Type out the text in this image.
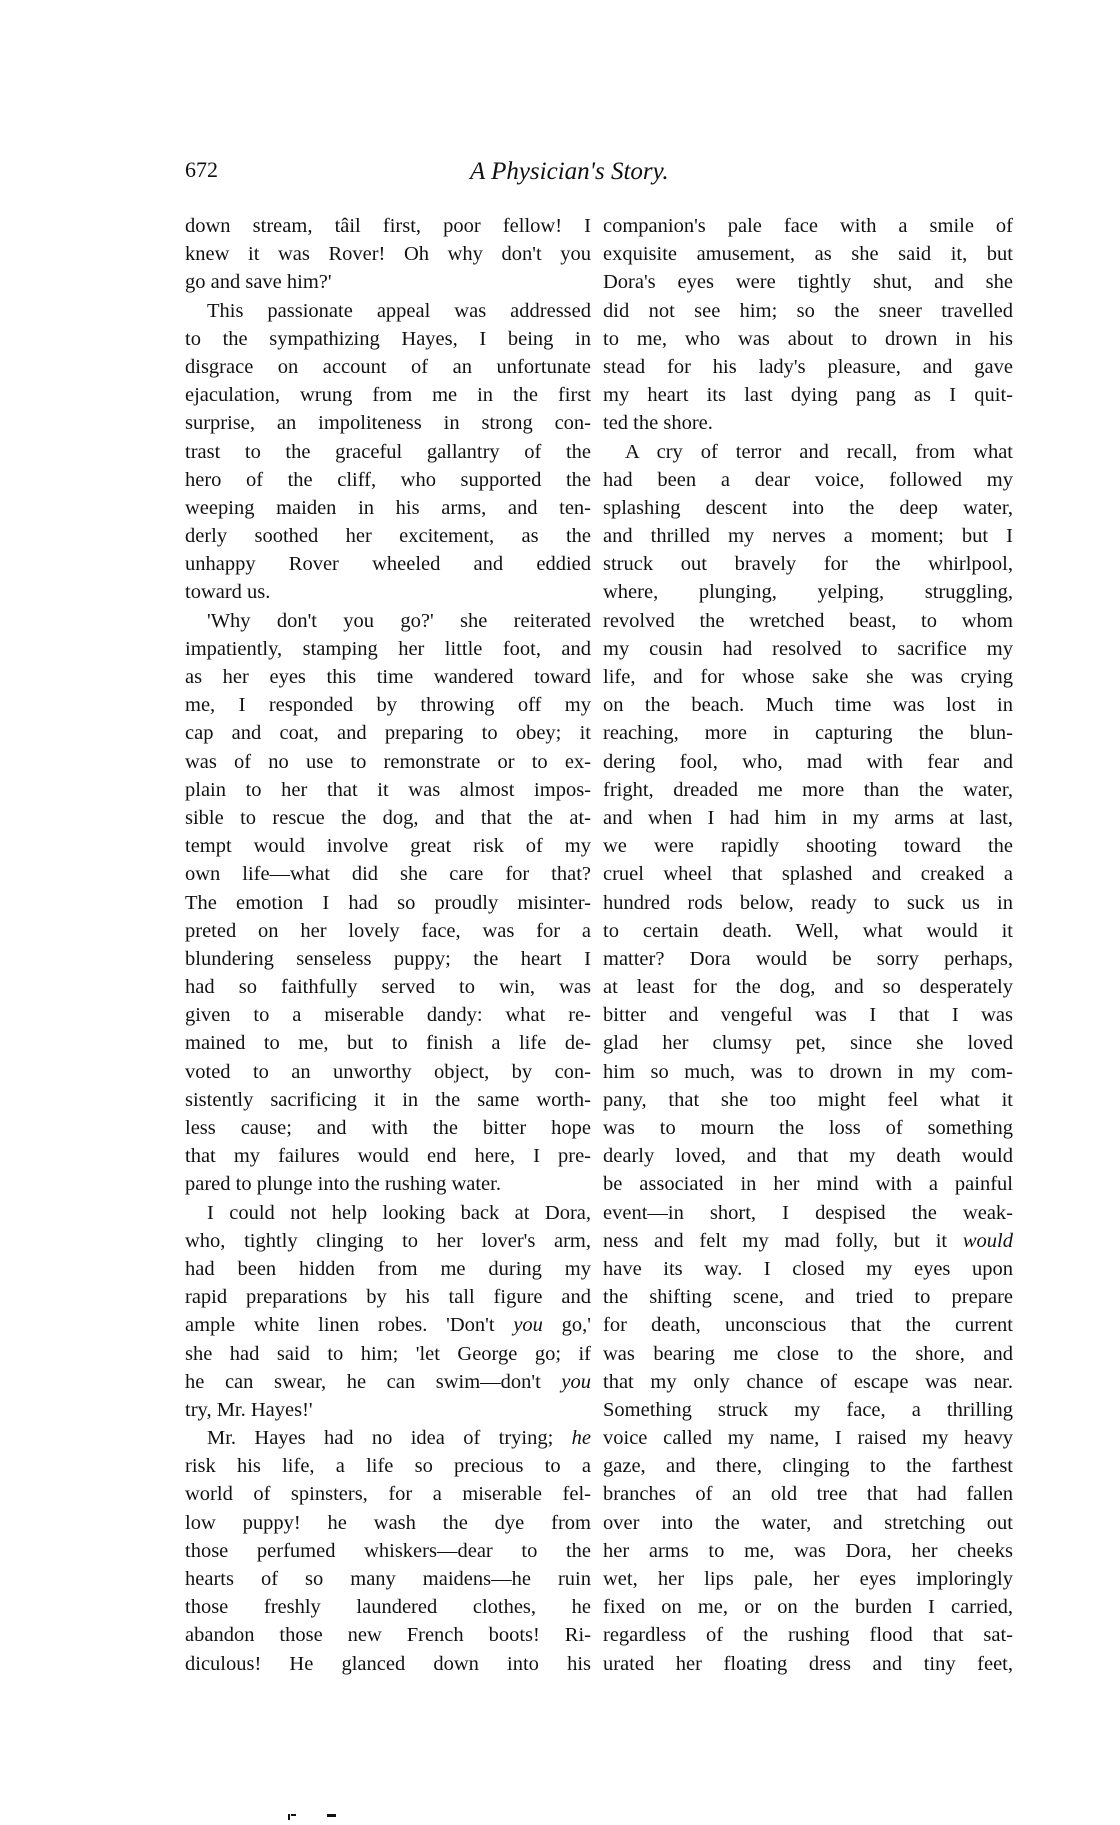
672	A Physician's Story.
down stream, tâil first, poor fellow! I
knew it was Rover! Oh why don't you
go and save him?'
This passionate appeal was addressed
to the sympathizing Hayes, I being in
disgrace on account of an unfortunate
ejaculation, wrung from me in the first
surprise, an impoliteness in strong con-
trast to the graceful gallantry of the
hero of the cliff, who supported the
weeping maiden in his arms, and ten-
derly soothed her excitement, as the
unhappy Rover wheeled and eddied
toward us.
'Why don't you go?' she reiterated
impatiently, stamping her little foot, and
as her eyes this time wandered toward
me, I responded by throwing off my
cap and coat, and preparing to obey; it
was of no use to remonstrate or to ex-
plain to her that it was almost impos-
sible to rescue the dog, and that the at-
tempt would involve great risk of my
own life—what did she care for that?
The emotion I had so proudly misinter-
preted on her lovely face, was for a
blundering senseless puppy; the heart I
had so faithfully served to win, was
given to a miserable dandy: what re-
mained to me, but to finish a life de-
voted to an unworthy object, by con-
sistently sacrificing it in the same worth-
less cause; and with the bitter hope
that my failures would end here, I pre-
pared to plunge into the rushing water.
I could not help looking back at Dora,
who, tightly clinging to her lover's arm,
had been hidden from me during my
rapid preparations by his tall figure and
ample white linen robes. 'Don't you go,'
she had said to him; 'let George go; if
he can swear, he can swim—don't you
try, Mr. Hayes!'
Mr. Hayes had no idea of trying; he
risk his life, a life so precious to a
world of spinsters, for a miserable fel-
low puppy! he wash the dye from
those perfumed whiskers—dear to the
hearts of so many maidens—he ruin
those freshly laundered clothes, he
abandon those new French boots! Ri-
diculous! He glanced down into his
companion's pale face with a smile of
exquisite amusement, as she said it, but
Dora's eyes were tightly shut, and she
did not see him; so the sneer travelled
to me, who was about to drown in his
stead for his lady's pleasure, and gave
my heart its last dying pang as I quit-
ted the shore.
A cry of terror and recall, from what
had been a dear voice, followed my
splashing descent into the deep water,
and thrilled my nerves a moment; but I
struck out bravely for the whirlpool,
where, plunging, yelping, struggling,
revolved the wretched beast, to whom
my cousin had resolved to sacrifice my
life, and for whose sake she was crying
on the beach. Much time was lost in
reaching, more in capturing the blun-
dering fool, who, mad with fear and
fright, dreaded me more than the water,
and when I had him in my arms at last,
we were rapidly shooting toward the
cruel wheel that splashed and creaked a
hundred rods below, ready to suck us in
to certain death. Well, what would it
matter? Dora would be sorry perhaps,
at least for the dog, and so desperately
bitter and vengeful was I that I was
glad her clumsy pet, since she loved
him so much, was to drown in my com-
pany, that she too might feel what it
was to mourn the loss of something
dearly loved, and that my death would
be associated in her mind with a painful
event—in short, I despised the weak-
ness and felt my mad folly, but it would
have its way. I closed my eyes upon
the shifting scene, and tried to prepare
for death, unconscious that the current
was bearing me close to the shore, and
that my only chance of escape was near.
Something struck my face, a thrilling
voice called my name, I raised my heavy
gaze, and there, clinging to the farthest
branches of an old tree that had fallen
over into the water, and stretching out
her arms to me, was Dora, her cheeks
wet, her lips pale, her eyes imploringly
fixed on me, or on the burden I carried,
regardless of the rushing flood that sat-
urated her floating dress and tiny feet,
